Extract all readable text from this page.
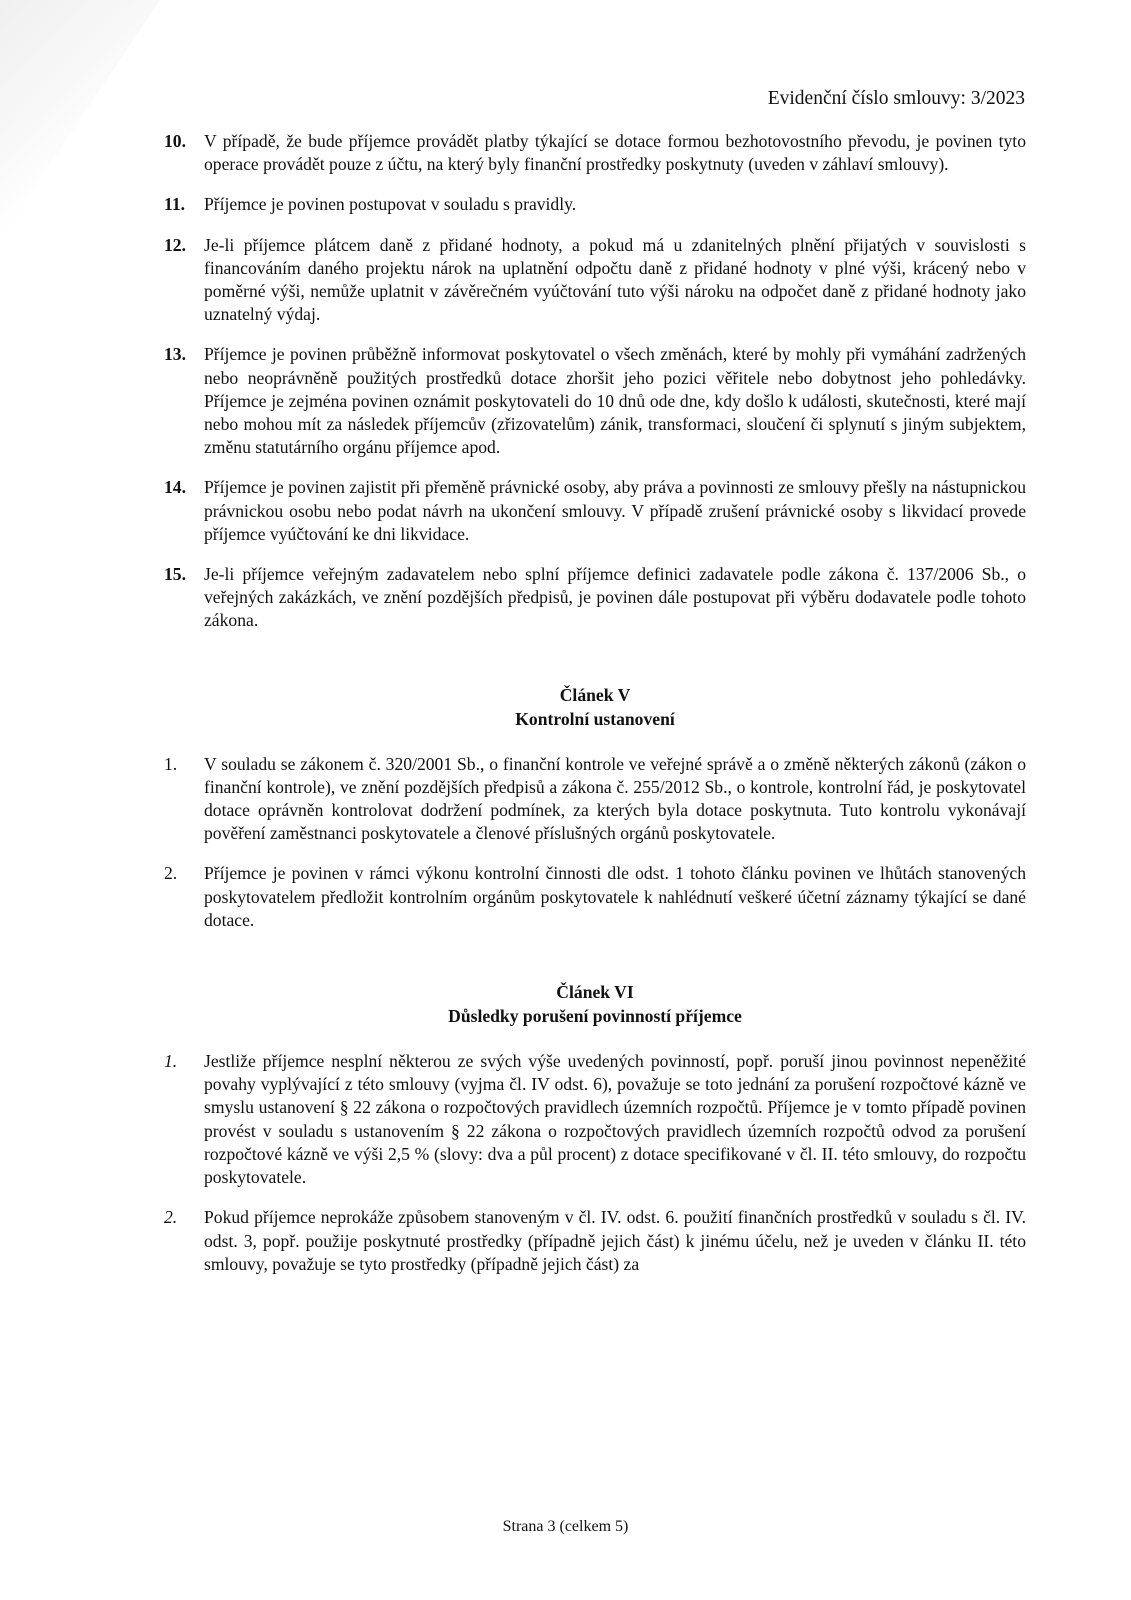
Evidenční číslo smlouvy: 3/2023
10. V případě, že bude příjemce provádět platby týkající se dotace formou bezhotovostního převodu, je povinen tyto operace provádět pouze z účtu, na který byly finanční prostředky poskytnuty (uveden v záhlaví smlouvy).
11. Příjemce je povinen postupovat v souladu s pravidly.
12. Je-li příjemce plátcem daně z přidané hodnoty, a pokud má u zdanitelných plnění přijatých v souvislosti s financováním daného projektu nárok na uplatnění odpočtu daně z přidané hodnoty v plné výši, krácený nebo v poměrné výši, nemůže uplatnit v závěrečném vyúčtování tuto výši nároku na odpočet daně z přidané hodnoty jako uznatelný výdaj.
13. Příjemce je povinen průběžně informovat poskytovatel o všech změnách, které by mohly při vymáhání zadržených nebo neoprávněně použitých prostředků dotace zhoršit jeho pozici věřitele nebo dobytnost jeho pohledávky. Příjemce je zejména povinen oznámit poskytovateli do 10 dnů ode dne, kdy došlo k události, skutečnosti, které mají nebo mohou mít za následek příjemcův (zřizovatelům) zánik, transformaci, sloučení či splynutí s jiným subjektem, změnu statutárního orgánu příjemce apod.
14. Příjemce je povinen zajistit při přeměně právnické osoby, aby práva a povinnosti ze smlouvy přešly na nástupnickou právnickou osobu nebo podat návrh na ukončení smlouvy. V případě zrušení právnické osoby s likvidací provede příjemce vyúčtování ke dni likvidace.
15. Je-li příjemce veřejným zadavatelem nebo splní příjemce definici zadavatele podle zákona č. 137/2006 Sb., o veřejných zakázkách, ve znění pozdějších předpisů, je povinen dále postupovat při výběru dodavatele podle tohoto zákona.
Článek V
Kontrolní ustanovení
1. V souladu se zákonem č. 320/2001 Sb., o finanční kontrole ve veřejné správě a o změně některých zákonů (zákon o finanční kontrole), ve znění pozdějších předpisů a zákona č. 255/2012 Sb., o kontrole, kontrolní řád, je poskytovatel dotace oprávněn kontrolovat dodržení podmínek, za kterých byla dotace poskytnuta. Tuto kontrolu vykonávají pověření zaměstnanci poskytovatele a členové příslušných orgánů poskytovatele.
2. Příjemce je povinen v rámci výkonu kontrolní činnosti dle odst. 1 tohoto článku povinen ve lhůtách stanovených poskytovatelem předložit kontrolním orgánům poskytovatele k nahlédnutí veškeré účetní záznamy týkající se dané dotace.
Článek VI
Důsledky porušení povinností příjemce
1. Jestliže příjemce nesplní některou ze svých výše uvedených povinností, popř. poruší jinou povinnost nepeněžité povahy vyplývající z této smlouvy (vyjma čl. IV odst. 6), považuje se toto jednání za porušení rozpočtové kázně ve smyslu ustanovení § 22 zákona o rozpočtových pravidlech územních rozpočtů. Příjemce je v tomto případě povinen provést v souladu s ustanovením § 22 zákona o rozpočtových pravidlech územních rozpočtů odvod za porušení rozpočtové kázně ve výši 2,5 % (slovy: dva a půl procent) z dotace specifikované v čl. II. této smlouvy, do rozpočtu poskytovatele.
2. Pokud příjemce neprokáže způsobem stanoveným v čl. IV. odst. 6. použití finančních prostředků v souladu s čl. IV. odst. 3, popř. použije poskytnuté prostředky (případně jejich část) k jinému účelu, než je uveden v článku II. této smlouvy, považuje se tyto prostředky (případně jejich část) za
Strana 3 (celkem 5)
